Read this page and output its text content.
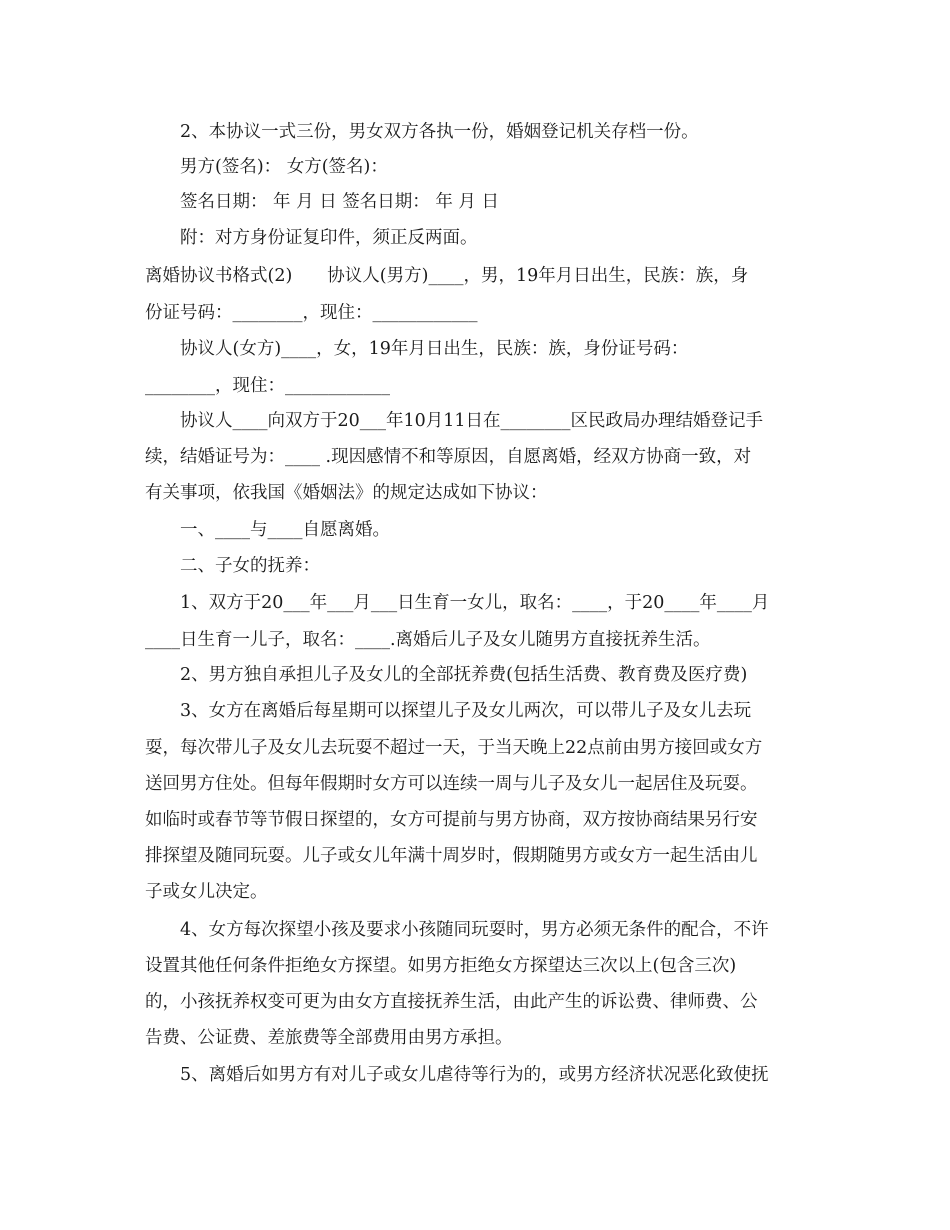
2、本协议一式三份，男女双方各执一份，婚姻登记机关存档一份。
男方(签名)： 女方(签名)：
签名日期： 年 月 日 签名日期： 年 月 日
附：对方身份证复印件，须正反两面。
离婚协议书格式(2)　　协议人(男方)____，男，19年月日出生，民族：族，身
份证号码：________，现住：____________
协议人(女方)____，女，19年月日出生，民族：族，身份证号码：
________，现住：____________
协议人____向双方于20___年10月11日在________区民政局办理结婚登记手
续，结婚证号为：____ .现因感情不和等原因，自愿离婚，经双方协商一致，对
有关事项，依我国《婚姻法》的规定达成如下协议：
一、____与____自愿离婚。
二、子女的抚养：
1、双方于20___年___月___日生育一女儿，取名：____，于20____年____月
____日生育一儿子，取名：____.离婚后儿子及女儿随男方直接抚养生活。
2、男方独自承担儿子及女儿的全部抚养费(包括生活费、教育费及医疗费)
3、女方在离婚后每星期可以探望儿子及女儿两次，可以带儿子及女儿去玩
耍，每次带儿子及女儿去玩耍不超过一天，于当天晚上22点前由男方接回或女方
送回男方住处。但每年假期时女方可以连续一周与儿子及女儿一起居住及玩耍。
如临时或春节等节假日探望的，女方可提前与男方协商，双方按协商结果另行安
排探望及随同玩耍。儿子或女儿年满十周岁时，假期随男方或女方一起生活由儿
子或女儿决定。
4、女方每次探望小孩及要求小孩随同玩耍时，男方必须无条件的配合，不许
设置其他任何条件拒绝女方探望。如男方拒绝女方探望达三次以上(包含三次)
的，小孩抚养权变可更为由女方直接抚养生活，由此产生的诉讼费、律师费、公
告费、公证费、差旅费等全部费用由男方承担。
5、离婚后如男方有对儿子或女儿虐待等行为的，或男方经济状况恶化致使抚
